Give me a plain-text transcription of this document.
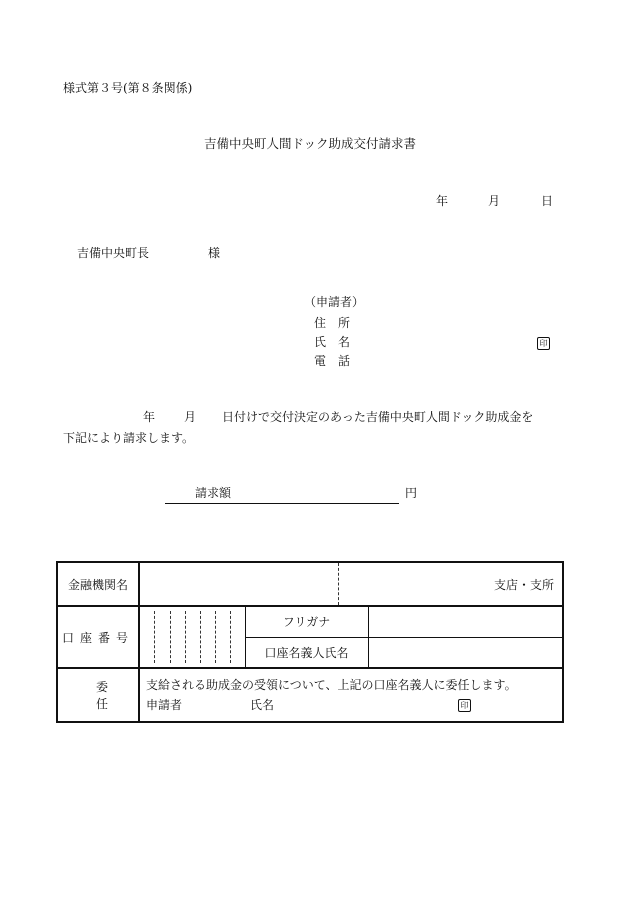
様式第３号(第８条関係)
吉備中央町人間ドック助成交付請求書
年	月	日
吉備中央町長	様
（申請者）
住　所
氏　名	印
電　話
年 月 日付けで交付決定のあった吉備中央町人間ドック助成金を
下記により請求します。
請求額	円
金融機関名	支店・支所		

口座番号		フリガナ	

		口座名義人氏名	

委任	支給される助成金の受領について、上記の口座名義人に委任します。
申請者 氏名 印		
